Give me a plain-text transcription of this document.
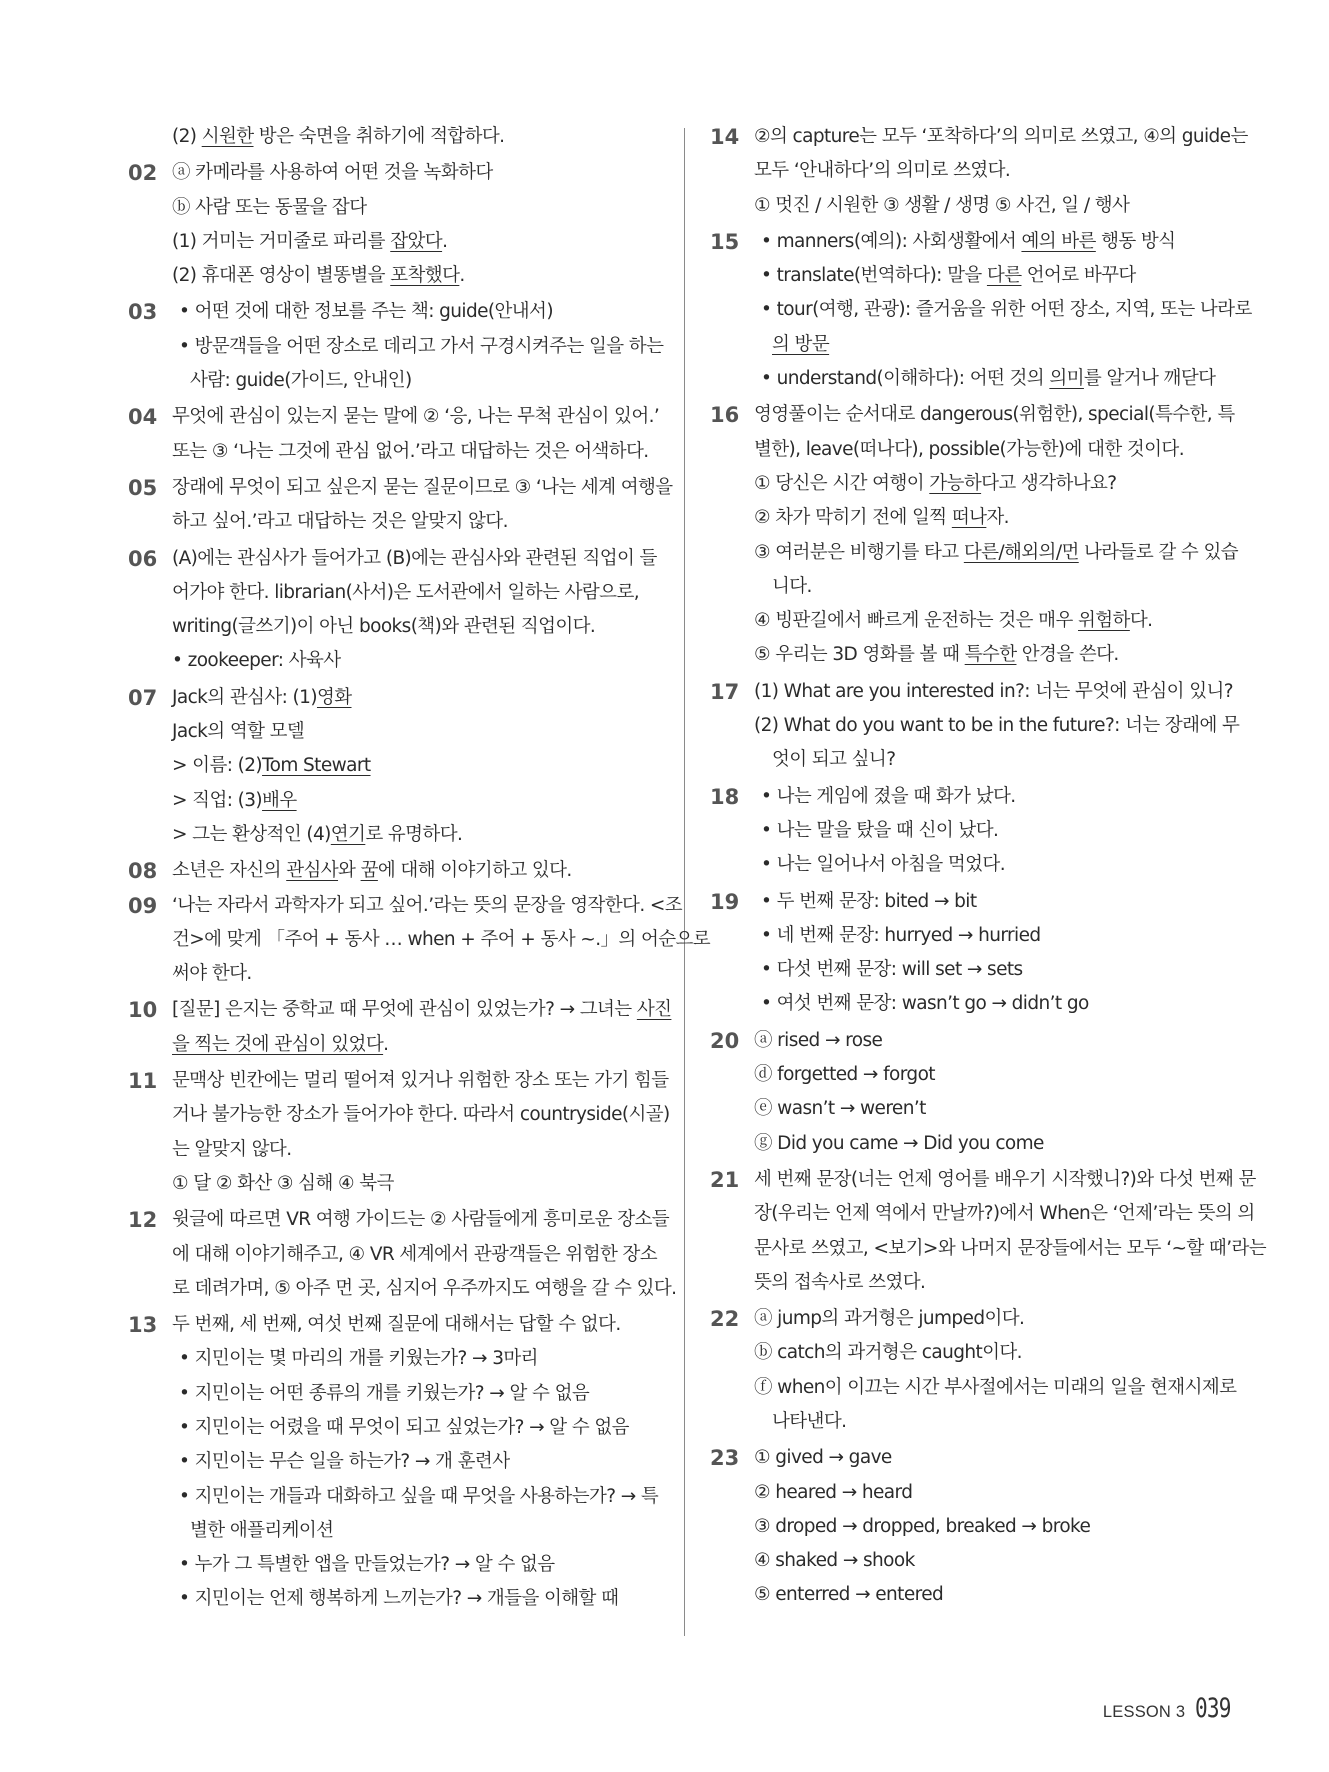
(2) 시원한 방은 숙면을 취하기에 적합하다.
02 ⓐ 카메라를 사용하여 어떤 것을 녹화하다
ⓑ 사람 또는 동물을 잡다
(1) 거미는 거미줄로 파리를 잡았다.
(2) 휴대폰 영상이 별똥별을 포착했다.
03 • 어떤 것에 대한 정보를 주는 책: guide(안내서)
• 방문객들을 어떤 장소로 데리고 가서 구경시켜주는 일을 하는
사람: guide(가이드, 안내인)
04 무엇에 관심이 있는지 묻는 말에 ② ‘응, 나는 무척 관심이 있어.’
또는 ③ ‘나는 그것에 관심 없어.’라고 대답하는 것은 어색하다.
05 장래에 무엇이 되고 싶은지 묻는 질문이므로 ③ ‘나는 세계 여행을
하고 싶어.’라고 대답하는 것은 알맞지 않다.
06 (A)에는 관심사가 들어가고 (B)에는 관심사와 관련된 직업이 들
어가야 한다. librarian(사서)은 도서관에서 일하는 사람으로,
writing(글쓰기)이 아닌 books(책)와 관련된 직업이다.
• zookeeper: 사육사
07 Jack의 관심사: (1)영화
Jack의 역할 모델
> 이름: (2)Tom Stewart
> 직업: (3)배우
> 그는 환상적인 (4)연기로 유명하다.
08 소년은 자신의 관심사와 꿈에 대해 이야기하고 있다.
09 ‘나는 자라서 과학자가 되고 싶어.’라는 뜻의 문장을 영작한다. <조
건>에 맞게 「주어 + 동사 … when + 주어 + 동사 ~.」의 어순으로
써야 한다.
10 [질문] 은지는 중학교 때 무엇에 관심이 있었는가? → 그녀는 사진
을 찍는 것에 관심이 있었다.
11 문맥상 빈칸에는 멀리 떨어져 있거나 위험한 장소 또는 가기 힘들
거나 불가능한 장소가 들어가야 한다. 따라서 countryside(시골)
는 알맞지 않다.
① 달 ② 화산 ③ 심해 ④ 북극
12 윗글에 따르면 VR 여행 가이드는 ② 사람들에게 흥미로운 장소들
에 대해 이야기해주고, ④ VR 세계에서 관광객들은 위험한 장소
로 데려가며, ⑤ 아주 먼 곳, 심지어 우주까지도 여행을 갈 수 있다.
13 두 번째, 세 번째, 여섯 번째 질문에 대해서는 답할 수 없다.
• 지민이는 몇 마리의 개를 키웠는가? → 3마리
• 지민이는 어떤 종류의 개를 키웠는가? → 알 수 없음
• 지민이는 어렸을 때 무엇이 되고 싶었는가? → 알 수 없음
• 지민이는 무슨 일을 하는가? → 개 훈련사
• 지민이는 개들과 대화하고 싶을 때 무엇을 사용하는가? → 특
별한 애플리케이션
• 누가 그 특별한 앱을 만들었는가? → 알 수 없음
• 지민이는 언제 행복하게 느끼는가? → 개들을 이해할 때
14 ②의 capture는 모두 ‘포착하다’의 의미로 쓰였고, ④의 guide는
모두 ‘안내하다’의 의미로 쓰였다.
① 멋진 / 시원한 ③ 생활 / 생명 ⑤ 사건, 일 / 행사
15 • manners(예의): 사회생활에서 예의 바른 행동 방식
• translate(번역하다): 말을 다른 언어로 바꾸다
• tour(여행, 관광): 즐거움을 위한 어떤 장소, 지역, 또는 나라로
의 방문
• understand(이해하다): 어떤 것의 의미를 알거나 깨닫다
16 영영풀이는 순서대로 dangerous(위험한), special(특수한, 특
별한), leave(떠나다), possible(가능한)에 대한 것이다.
① 당신은 시간 여행이 가능하다고 생각하나요?
② 차가 막히기 전에 일찍 떠나자.
③ 여러분은 비행기를 타고 다른/해외의/먼 나라들로 갈 수 있습
니다.
④ 빙판길에서 빠르게 운전하는 것은 매우 위험하다.
⑤ 우리는 3D 영화를 볼 때 특수한 안경을 쓴다.
17 (1) What are you interested in?: 너는 무엇에 관심이 있니?
(2) What do you want to be in the future?: 너는 장래에 무
엇이 되고 싶니?
18 • 나는 게임에 졌을 때 화가 났다.
• 나는 말을 탔을 때 신이 났다.
• 나는 일어나서 아침을 먹었다.
19 • 두 번째 문장: bited → bit
• 네 번째 문장: hurryed → hurried
• 다섯 번째 문장: will set → sets
• 여섯 번째 문장: wasn’t go → didn’t go
20 ⓐ rised → rose
ⓓ forgetted → forgot
ⓔ wasn’t → weren’t
ⓖ Did you came → Did you come
21 세 번째 문장(너는 언제 영어를 배우기 시작했니?)와 다섯 번째 문
장(우리는 언제 역에서 만날까?)에서 When은 ‘언제’라는 뜻의 의
문사로 쓰였고, <보기>와 나머지 문장들에서는 모두 ‘~할 때’라는
뜻의 접속사로 쓰였다.
22 ⓐ jump의 과거형은 jumped이다.
ⓑ catch의 과거형은 caught이다.
ⓕ when이 이끄는 시간 부사절에서는 미래의 일을 현재시제로
나타낸다.
23 ① gived → gave
② heared → heard
③ droped → dropped, breaked → broke
④ shaked → shook
⑤ enterred → entered
LESSON 3 039
